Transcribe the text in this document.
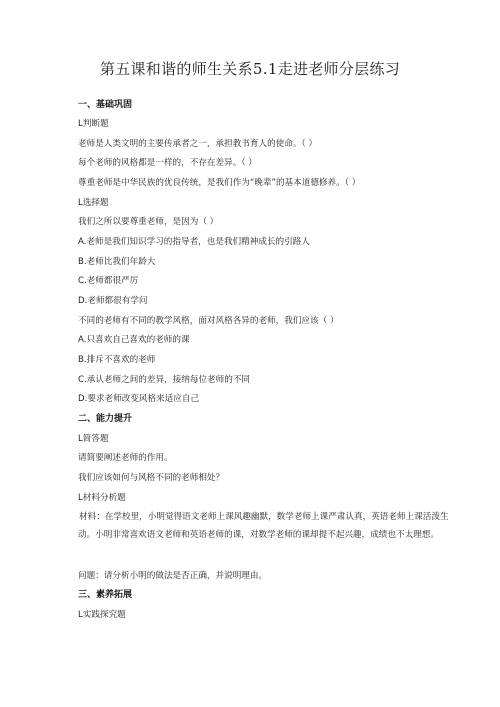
第五课和谐的师生关系5.1走进老师分层练习
一、基础巩固
L判断题
老师是人类文明的主要传承者之一，承担教书育人的使命。（ ）
每个老师的风格都是一样的，不存在差异。（ ）
尊重老师是中华民族的优良传统，是我们作为“晚辈”的基本道德修养。（ ）
L选择题
我们之所以要尊重老师，是因为（ ）
A.老师是我们知识学习的指导者，也是我们精神成长的引路人
B.老师比我们年龄大
C.老师都很严厉
D.老师都很有学问
不同的老师有不同的教学风格，面对风格各异的老师，我们应该（ ）
A.只喜欢自己喜欢的老师的课
B.排斥不喜欢的老师
C.承认老师之间的差异，接纳每位老师的不同
D.要求老师改变风格来适应自己
二、能力提升
L简答题
请简要阐述老师的作用。
我们应该如何与风格不同的老师相处？
L材料分析题
材料：在学校里，小明觉得语文老师上课风趣幽默，数学老师上课严肃认真，英语老师上课活泼生动。小明非常喜欢语文老师和英语老师的课，对数学老师的课却提不起兴趣，成绩也不太理想。
问题：请分析小明的做法是否正确，并说明理由。
三、素养拓展
L实践探究题
